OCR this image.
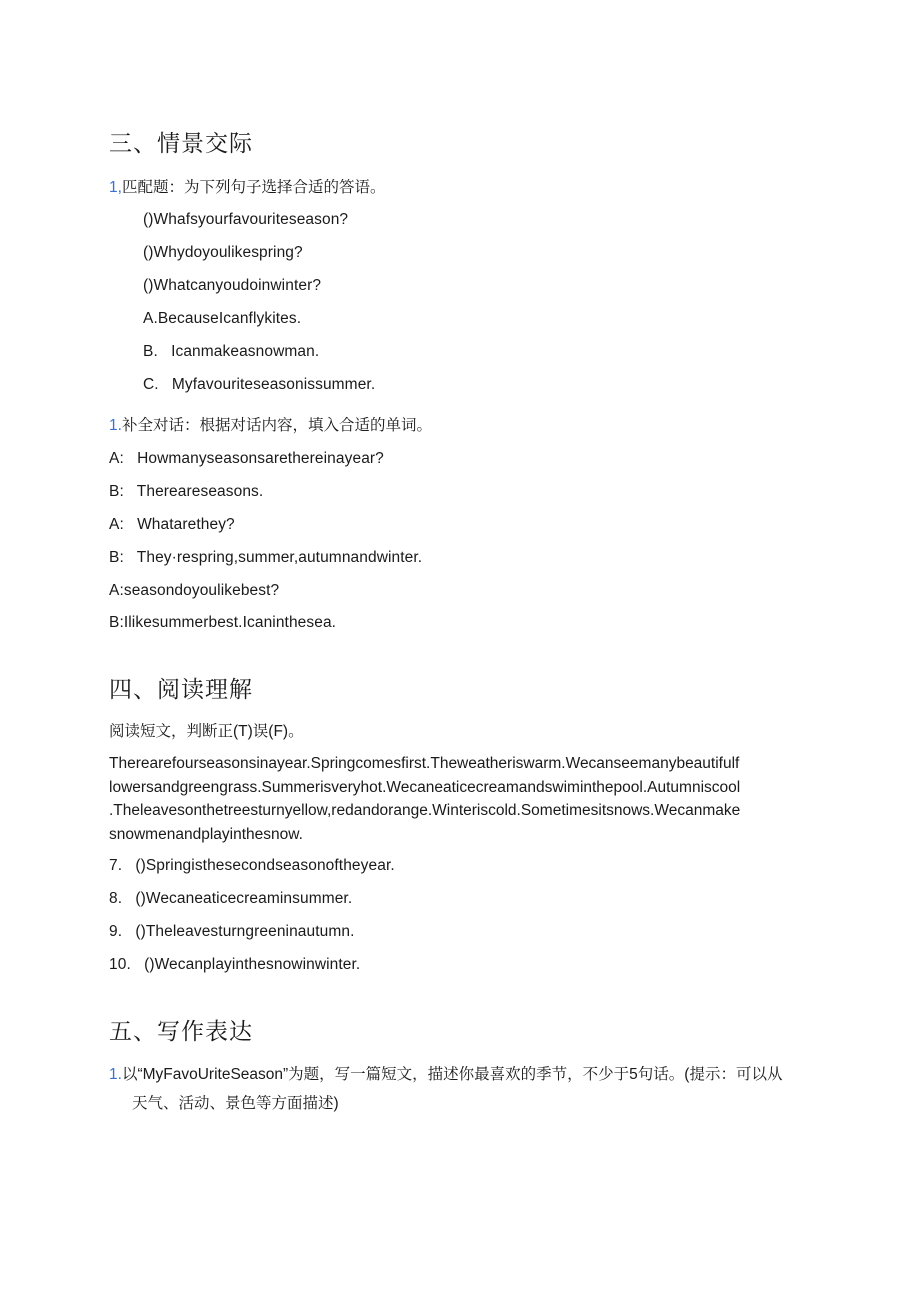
三、情景交际
1,匹配题：为下列句子选择合适的答语。
()Whafsyourfavouriteseason?
()Whydoyoulikespring?
()Whatcanyoudoinwinter?
A.BecauseIcanflykites.
B.   Icanmakeasnowman.
C.   Myfavouriteseasonissummer.
1.补全对话：根据对话内容，填入合适的单词。
A:   Howmanyseasonsarethereinayear?
B:   Thereareseasons.
A:   Whatarethey?
B:   They·respring,summer,autumnandwinter.
A:seasondoyoulikebest?
B:Ilikesummerbest.Icaninthesea.
四、阅读理解
阅读短文，判断正(T)误(F)。
Therearefourseasonsinayear.Springcomesfirst.Theweatheriswarm.Wecanseemanybeautifulf
lowersandgreengrass.Summerisveryhot.Wecaneaticecreamandswiminthepool.Autumniscool
.Theleavesonthetreesturnyellow,redandorange.Winteriscold.Sometimesitsnows.Wecanmake
snowmenandplayinthesnow.
7.   ()Springisthesecondseasonoftheyear.
8.   ()Wecaneaticecreaminsummer.
9.   ()Theleavesturngreeninautumn.
10.   ()Wecanplayinthesnowinwinter.
五、写作表达
1.以“MyFavoUriteSeason”为题，写一篇短文，描述你最喜欢的季节，不少于5句话。(提示：可以从
天气、活动、景色等方面描述)
